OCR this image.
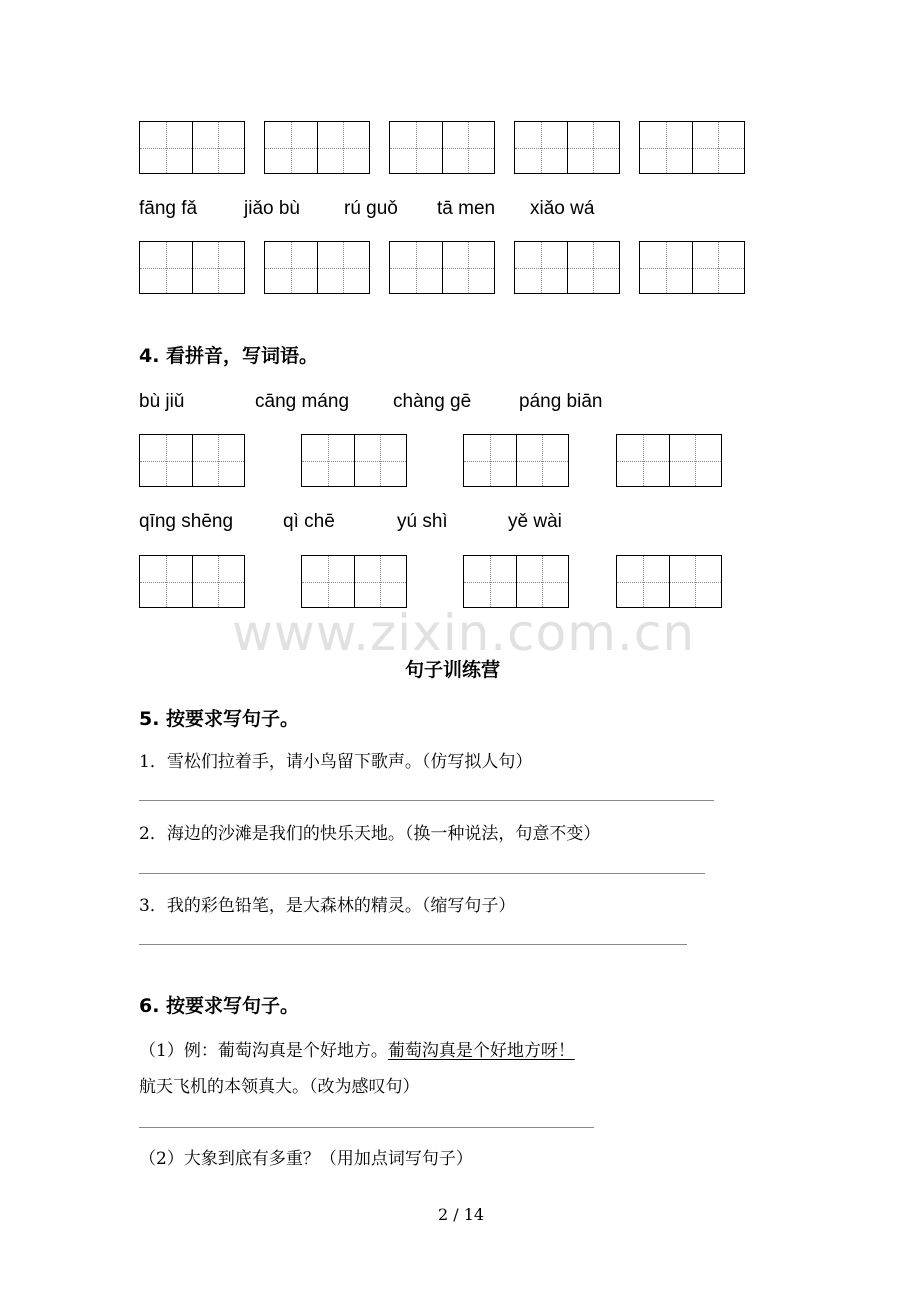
fāng fǎ jiǎo bù rú guǒ tā men xiǎo wá
4. 看拼音，写词语。
bù jiǔ	cāng máng chàng gē	páng biān
qīng shēng	qì chē	yú shì	yě wài
www.zixin.com.cn
句子训练营
5. 按要求写句子。
1．雪松们拉着手，请小鸟留下歌声。（仿写拟人句）
2．海边的沙滩是我们的快乐天地。（换一种说法，句意不变）
3．我的彩色铅笔，是大森林的精灵。（缩写句子）
6. 按要求写句子。
（1）例：葡萄沟真是个好地方。葡萄沟真是个好地方呀！
航天飞机的本领真大。（改为感叹句）
（2）大象到底有多重？（用加点词写句子）
2 / 14
